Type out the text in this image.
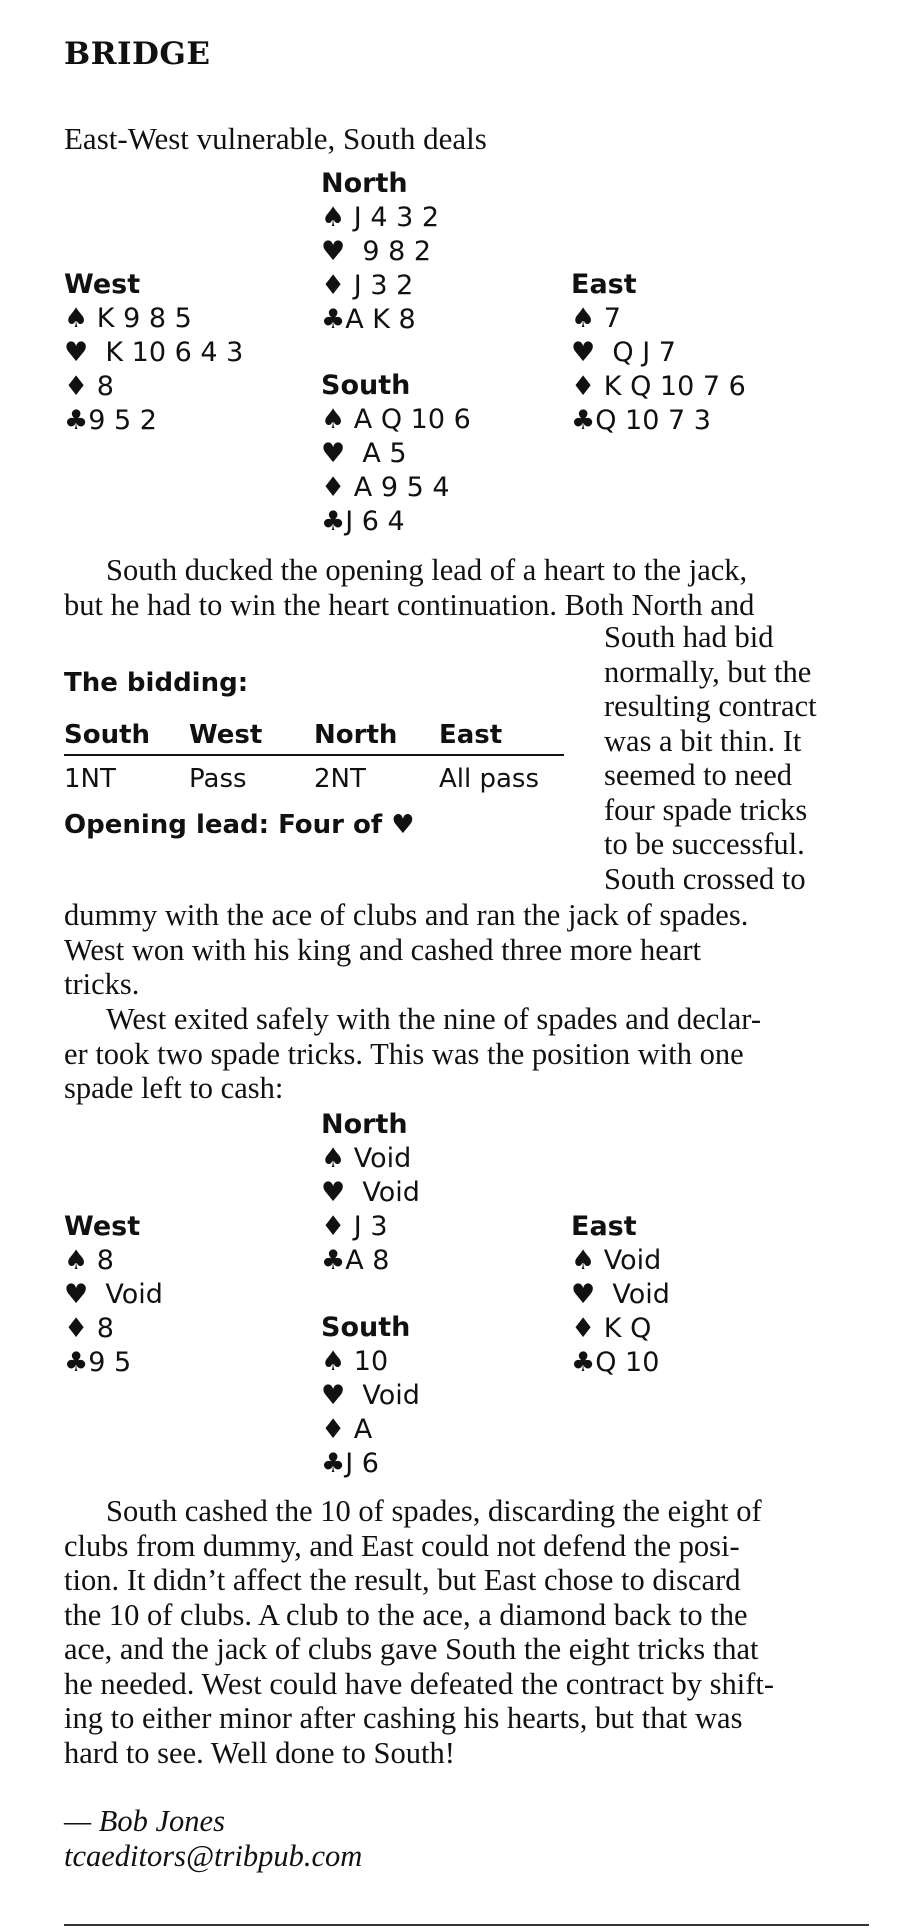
BRIDGE
East-West vulnerable, South deals
North
♠ J 4 3 2
♥  9 8 2
♦ J 3 2
♣A K 8
West
♠ K 9 8 5
♥  K 10 6 4 3
♦ 8
♣9 5 2
East
♠ 7
♥  Q J 7
♦ K Q 10 7 6
♣Q 10 7 3
South
♠ A Q 10 6
♥  A 5
♦ A 9 5 4
♣J 6 4
South ducked the opening lead of a heart to the jack,
but he had to win the heart continuation. Both North and
South had bid
normally, but the
resulting contract
was a bit thin. It
seemed to need
four spade tricks
to be successful.
South crossed to
The bidding:
South West North East
1NT	Pass	2NT	All pass
Opening lead: Four of ♥
dummy with the ace of clubs and ran the jack of spades.
West won with his king and cashed three more heart
tricks.
West exited safely with the nine of spades and declar-
er took two spade tricks. This was the position with one
spade left to cash:
North
♠ Void
♥  Void
♦ J 3
♣A 8
West
♠ 8
♥  Void
♦ 8
♣9 5
East
♠ Void
♥  Void
♦ K Q
♣Q 10
South
♠ 10
♥  Void
♦ A
♣J 6
South cashed the 10 of spades, discarding the eight of
clubs from dummy, and East could not defend the posi-
tion. It didn’t affect the result, but East chose to discard
the 10 of clubs. A club to the ace, a diamond back to the
ace, and the jack of clubs gave South the eight tricks that
he needed. West could have defeated the contract by shift-
ing to either minor after cashing his hearts, but that was
hard to see. Well done to South!
— Bob Jones
tcaeditors@tribpub.com
